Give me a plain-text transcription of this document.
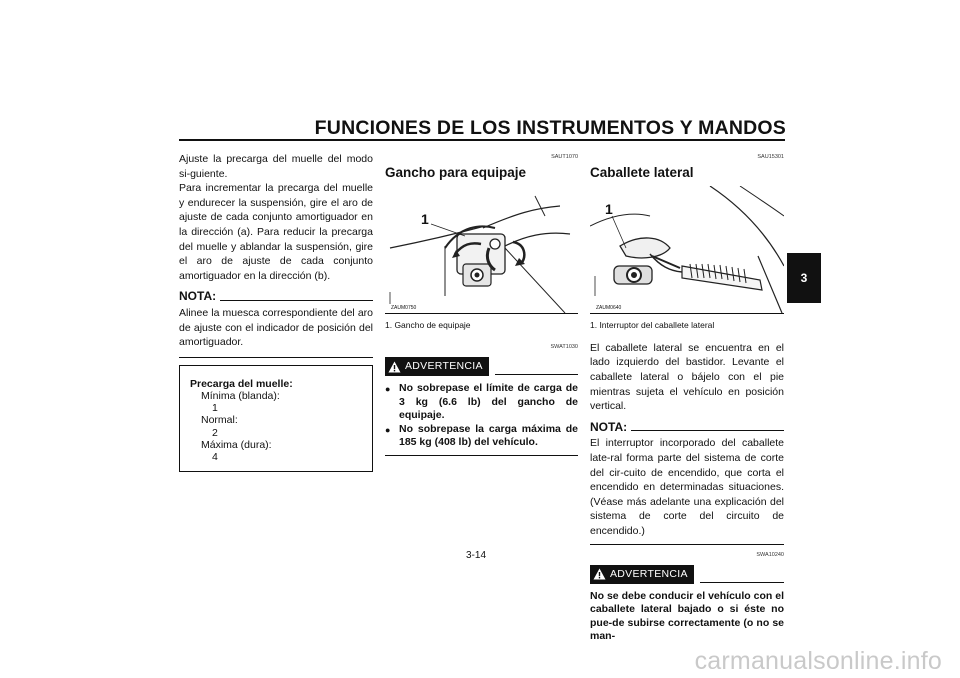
FUNCIONES DE LOS INSTRUMENTOS Y MANDOS
3

Ajuste la precarga del muelle del modo si-guiente.

Para incrementar la precarga del muelle y endurecer la suspensión, gire el aro de ajuste de cada conjunto amortiguador en la dirección (a). Para reducir la precarga del muelle y ablandar la suspensión, gire el aro de ajuste de cada conjunto amortiguador en la dirección (b).

NOTA:

Alinee la muesca correspondiente del aro de ajuste con el indicador de posición del amortiguador.

Precarga del muelle:
Mínima (blanda):
1
Normal:
2
Máxima (dura):
4
SAUT1070
Gancho para equipaje
1
ZAUM0750
1. Gancho de equipaje
SWAT1030
ADVERTENCIA
● No sobrepase el límite de carga de 3 kg (6.6 lb) del gancho de equipaje.
● No sobrepase la carga máxima de 185 kg (408 lb) del vehículo.
SAU15301
Caballete lateral
1
ZAUM0640
1. Interruptor del caballete lateral

El caballete lateral se encuentra en el lado izquierdo del bastidor. Levante el caballete lateral o bájelo con el pie mientras sujeta el vehículo en posición vertical.

NOTA:

El interruptor incorporado del caballete late-ral forma parte del sistema de corte del cir-cuito de encendido, que corta el encendido en determinadas situaciones. (Véase más adelante una explicación del sistema de corte del circuito de encendido.)

SWA10240
ADVERTENCIA

No se debe conducir el vehículo con el caballete lateral bajado o si éste no pue-de subirse correctamente (o no se man-

3-14
carmanualsonline.info
